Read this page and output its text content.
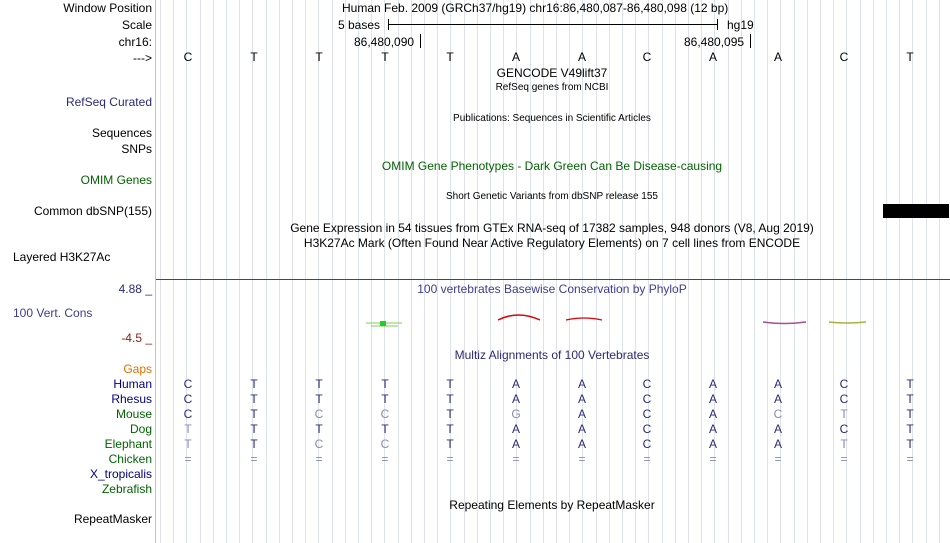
Window Position	Human Feb. 2009 (GRCh37/hg19) chr16:86,480,087-86,480,098 (12 bp)
Scale	5 bases	hg19
chr16:	86,480,090	86,480,095
--->	C	T	T	T	T	A	A	C	A	A	C	T
GENCODE V49lift37
RefSeq genes from NCBI
RefSeq Curated
Publications: Sequences in Scientific Articles
Sequences
SNPs
OMIM Gene Phenotypes - Dark Green Can Be Disease-causing
OMIM Genes
Short Genetic Variants from dbSNP release 155
Common dbSNP(155)
Gene Expression in 54 tissues from GTEx RNA-seq of 17382 samples, 948 donors (V8, Aug 2019)
H3K27Ac Mark (Often Found Near Active Regulatory Elements) on 7 cell lines from ENCODE
Layered H3K27Ac
4.88 _	100 vertebrates Basewise Conservation by PhyloP
100 Vert. Cons
-4.5 _
Multiz Alignments of 100 Vertebrates
Gaps
Human	C	T	T	T	T	A	A	C	A	A	C	T
Rhesus	C	T	T	T	T	A	A	C	A	A	C	T
Mouse	C	T	C	C	T	G	A	C	A	C	T	T
Dog	T	T	T	T	T	A	A	C	A	A	C	T
Elephant	T	T	C	C	T	A	A	C	A	A	T	T
Chicken	=	=	=	=	=	=	=	=	=	=	=	=
X_tropicalis
Zebrafish
Repeating Elements by RepeatMasker
RepeatMasker
